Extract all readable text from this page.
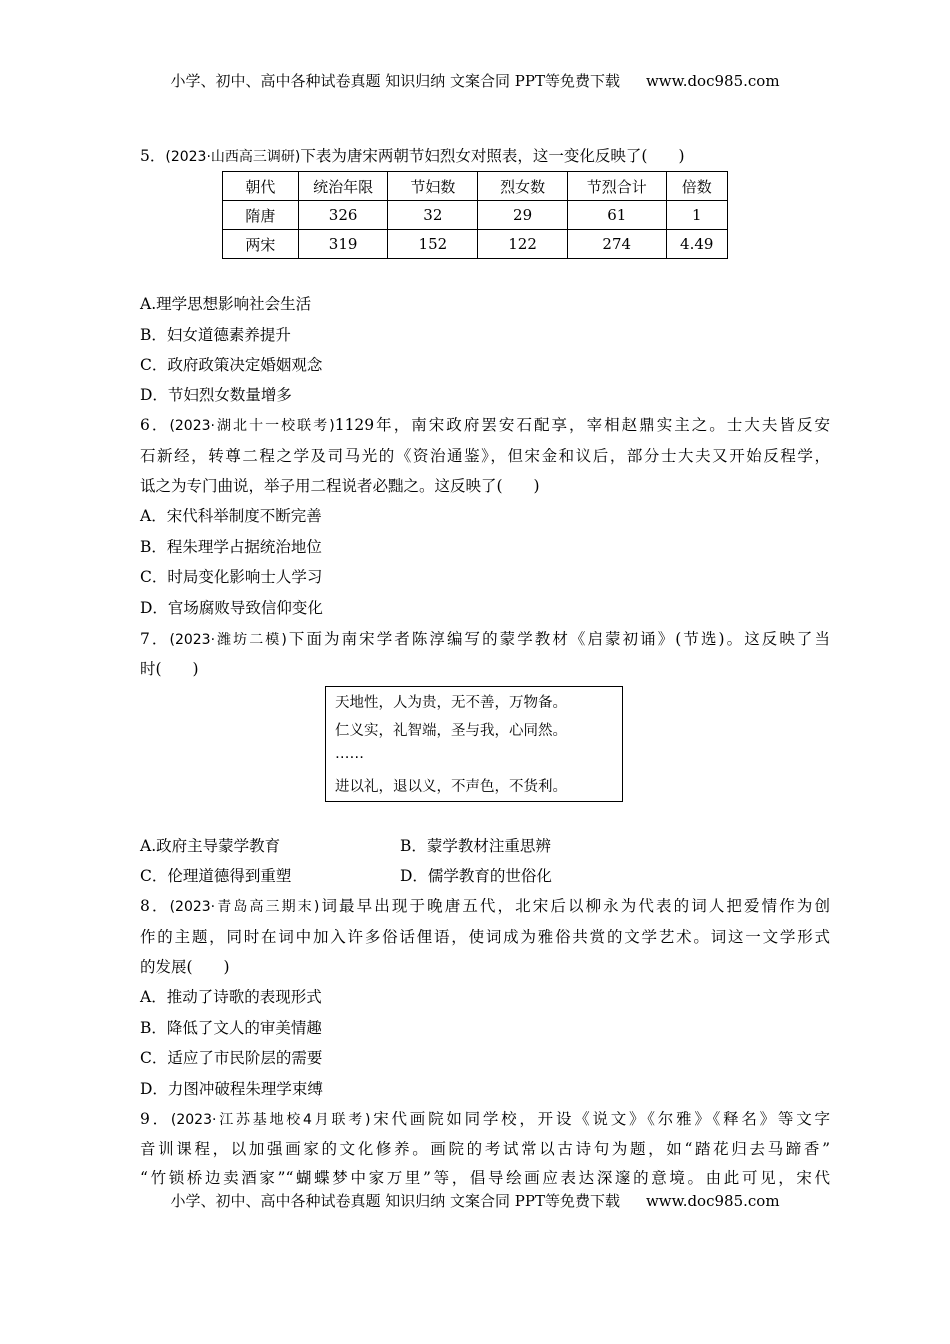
小学、初中、高中各种试卷真题 知识归纳 文案合同 PPT等免费下载 www.doc985.com
5．(2023·山西高三调研)下表为唐宋两朝节妇烈女对照表，这一变化反映了(　　)
朝代	统治年限	节妇数	烈女数	节烈合计	倍数
隋唐	326	32	29	61	1
两宋	319	152	122	274	4.49
A.理学思想影响社会生活
B．妇女道德素养提升
C．政府政策决定婚姻观念
D．节妇烈女数量增多
6．(2023·湖北十一校联考)1129年，南宋政府罢安石配享，宰相赵鼎实主之。士大夫皆反安
石新经，转尊二程之学及司马光的《资治通鉴》，但宋金和议后，部分士大夫又开始反程学，
诋之为专门曲说，举子用二程说者必黜之。这反映了(　　)
A．宋代科举制度不断完善
B．程朱理学占据统治地位
C．时局变化影响士人学习
D．官场腐败导致信仰变化
7．(2023·潍坊二模)下面为南宋学者陈淳编写的蒙学教材《启蒙初诵》(节选)。这反映了当
时(　　)
天地性，人为贵，无不善，万物备。
仁义实，礼智端，圣与我，心同然。
……
进以礼，退以义，不声色，不货利。
A.政府主导蒙学教育	B．蒙学教材注重思辨
C．伦理道德得到重塑	D．儒学教育的世俗化
8．(2023·青岛高三期末)词最早出现于晚唐五代，北宋后以柳永为代表的词人把爱情作为创
作的主题，同时在词中加入许多俗话俚语，使词成为雅俗共赏的文学艺术。词这一文学形式
的发展(　　)
A．推动了诗歌的表现形式
B．降低了文人的审美情趣
C．适应了市民阶层的需要
D．力图冲破程朱理学束缚
9．(2023·江苏基地校4月联考)宋代画院如同学校，开设《说文》《尔雅》《释名》等文字
音训课程，以加强画家的文化修养。画院的考试常以古诗句为题，如“踏花归去马蹄香”
“竹锁桥边卖酒家”“蝴蝶梦中家万里”等，倡导绘画应表达深邃的意境。由此可见，宋代
小学、初中、高中各种试卷真题 知识归纳 文案合同 PPT等免费下载 www.doc985.com
